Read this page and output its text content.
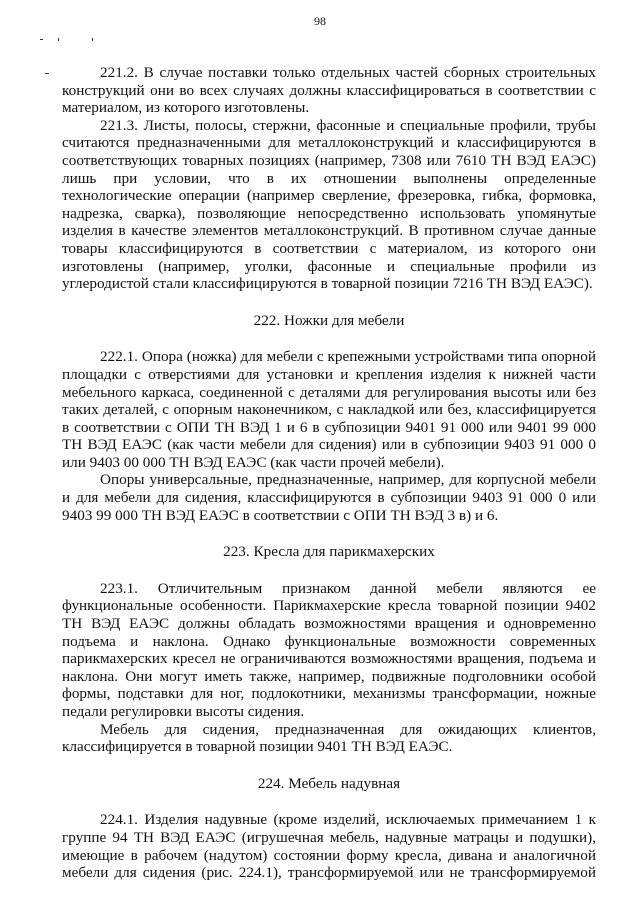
98

221.2. В случае поставки только отдельных частей сборных строительных конструкций они во всех случаях должны классифицироваться в соответствии с материалом, из которого изготовлены.

221.3. Листы, полосы, стержни, фасонные и специальные профили, трубы считаются предназначенными для металлоконструкций и классифицируются в соответствующих товарных позициях (например, 7308 или 7610 ТН ВЭД ЕАЭС) лишь при условии, что в их отношении выполнены определенные технологические операции (например сверление, фрезеровка, гибка, формовка, надрезка, сварка), позволяющие непосредственно использовать упомянутые изделия в качестве элементов металлоконструкций. В противном случае данные товары классифицируются в соответствии с материалом, из которого они изготовлены (например, уголки, фасонные и специальные профили из углеродистой стали классифицируются в товарной позиции 7216 ТН ВЭД ЕАЭС).

222. Ножки для мебели

222.1. Опора (ножка) для мебели с крепежными устройствами типа опорной площадки с отверстиями для установки и крепления изделия к нижней части мебельного каркаса, соединенной с деталями для регулирования высоты или без таких деталей, с опорным наконечником, с накладкой или без, классифицируется в соответствии с ОПИ ТН ВЭД 1 и 6 в субпозиции 9401 91 000 или 9401 99 000 ТН ВЭД ЕАЭС (как части мебели для сидения) или в субпозиции 9403 91 000 0 или 9403 00 000 ТН ВЭД ЕАЭС (как части прочей мебели).

Опоры универсальные, предназначенные, например, для корпусной мебели и для мебели для сидения, классифицируются в субпозиции 9403 91 000 0 или 9403 99 000 ТН ВЭД ЕАЭС в соответствии с ОПИ ТН ВЭД 3 в) и 6.

223. Кресла для парикмахерских

223.1. Отличительным признаком данной мебели являются ее функциональные особенности. Парикмахерские кресла товарной позиции 9402 ТН ВЭД ЕАЭС должны обладать возможностями вращения и одновременно подъема и наклона. Однако функциональные возможности современных парикмахерских кресел не ограничиваются возможностями вращения, подъема и наклона. Они могут иметь также, например, подвижные подголовники особой формы, подставки для ног, подлокотники, механизмы трансформации, ножные педали регулировки высоты сидения.

Мебель для сидения, предназначенная для ожидающих клиентов, классифицируется в товарной позиции 9401 ТН ВЭД ЕАЭС.

224. Мебель надувная

224.1. Изделия надувные (кроме изделий, исключаемых примечанием 1 к группе 94 ТН ВЭД ЕАЭС (игрушечная мебель, надувные матрацы и подушки), имеющие в рабочем (надутом) состоянии форму кресла, дивана и аналогичной мебели для сидения (рис. 224.1), трансформируемой или не трансформируемой
